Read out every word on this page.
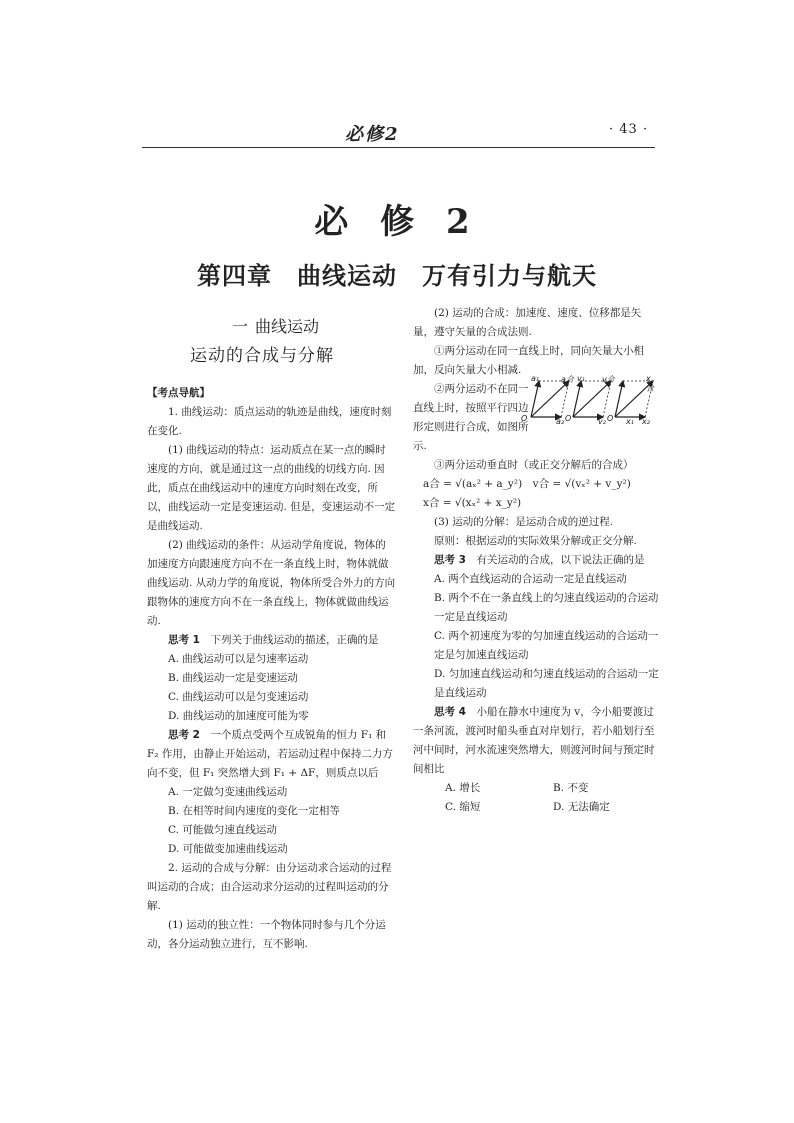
必修2	· 43 ·
必 修 2
第四章　曲线运动　万有引力与航天
一 曲线运动
运动的合成与分解

【考点导航】

1. 曲线运动：质点运动的轨迹是曲线，速度时刻在变化.

(1) 曲线运动的特点：运动质点在某一点的瞬时速度的方向，就是通过这一点的曲线的切线方向. 因此，质点在曲线运动中的速度方向时刻在改变，所以，曲线运动一定是变速运动. 但是，变速运动不一定是曲线运动.

(2) 曲线运动的条件：从运动学角度说，物体的加速度方向跟速度方向不在一条直线上时，物体就做曲线运动. 从动力学的角度说，物体所受合外力的方向跟物体的速度方向不在一条直线上，物体就做曲线运动.

思考 1　 下列关于曲线运动的描述，正确的是

A. 曲线运动可以是匀速率运动

B. 曲线运动一定是变速运动

C. 曲线运动可以是匀变速运动

D. 曲线运动的加速度可能为零

思考 2　 一个质点受两个互成锐角的恒力 F₁ 和 F₂ 作用，由静止开始运动，若运动过程中保持二力方向不变，但 F₁ 突然增大到 F₁ + ΔF，则质点以后

A. 一定做匀变速曲线运动

B. 在相等时间内速度的变化一定相等

C. 可能做匀速直线运动

D. 可能做变加速曲线运动

2. 运动的合成与分解：由分运动求合运动的过程叫运动的合成；由合运动求分运动的过程叫运动的分解.

(1) 运动的独立性：一个物体同时参与几个分运动，各分运动独立进行，互不影响.

(2) 运动的合成：加速度、速度、位移都是矢量，遵守矢量的合成法则.

①两分运动在同一直线上时，同向矢量大小相加，反向矢量大小相减.

②两分运动不在同一直线上时，按照平行四边形定则进行合成，如图所示.

③两分运动垂直时（或正交分解后的合成）

a合 = √(aₓ² + a_y²)　v合 = √(vₓ² + v_y²)

x合 = √(xₓ² + x_y²)

(3) 运动的分解：是运动合成的逆过程.

原则：根据运动的实际效果分解或正交分解.

思考 3　 有关运动的合成，以下说法正确的是

A. 两个直线运动的合运动一定是直线运动

B. 两个不在一条直线上的匀速直线运动的合运动一定是直线运动

C. 两个初速度为零的匀加速直线运动的合运动一定是匀加速直线运动

D. 匀加速直线运动和匀速直线运动的合运动一定是直线运动

思考 4　 小船在静水中速度为 v，今小船要渡过一条河流，渡河时船头垂直对岸划行，若小船划行至河中间时，河水流速突然增大，则渡河时间与预定时间相比

A. 增长	B. 不变
C. 缩短	D. 无法确定
a₁	a合 v₁ v合	x合
O	O	O
a₂	v₂	x₁ x₂
